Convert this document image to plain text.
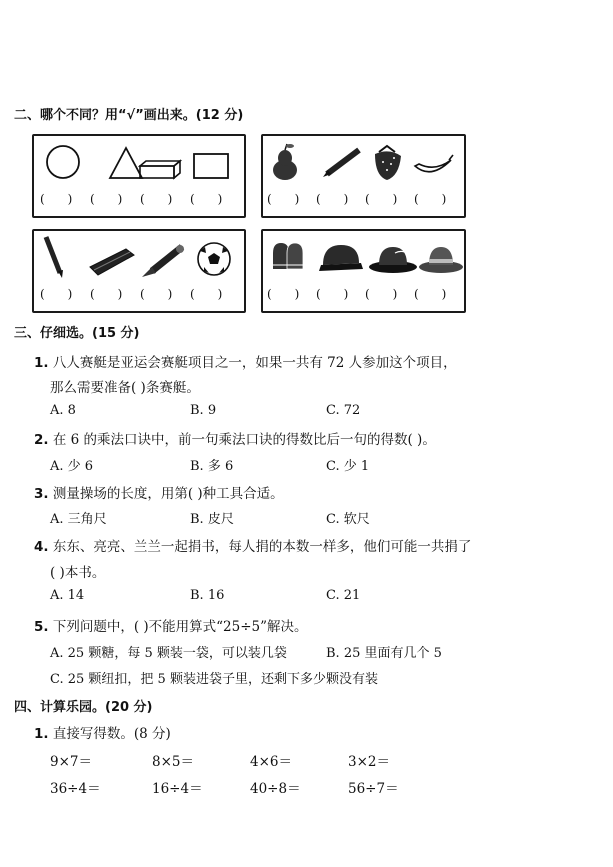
二、哪个不同？用“√”画出来。(12 分)
(      ) (      ) (      ) (      )	(      ) (      ) (      ) (      )
(      ) (      ) (      ) (      )	(      ) (      ) (      ) (      )
三、仔细选。(15 分)
1. 八人赛艇是亚运会赛艇项目之一，如果一共有 72 人参加这个项目，
那么需要准备( )条赛艇。
A. 8	B. 9	C. 72
2. 在 6 的乘法口诀中，前一句乘法口诀的得数比后一句的得数( )。
A. 少 6	B. 多 6	C. 少 1
3. 测量操场的长度，用第( )种工具合适。
A. 三角尺	B. 皮尺	C. 软尺
4. 东东、亮亮、兰兰一起捐书，每人捐的本数一样多，他们可能一共捐了
( )本书。
A. 14	B. 16	C. 21
5. 下列问题中，( )不能用算式“25÷5”解决。
A. 25 颗糖，每 5 颗装一袋，可以装几袋	B. 25 里面有几个 5
C. 25 颗纽扣，把 5 颗装进袋子里，还剩下多少颗没有装
四、计算乐园。(20 分)
1. 直接写得数。(8 分)
9×7＝	8×5＝	4×6＝	3×2＝
36÷4＝	16÷4＝	40÷8＝	56÷7＝
